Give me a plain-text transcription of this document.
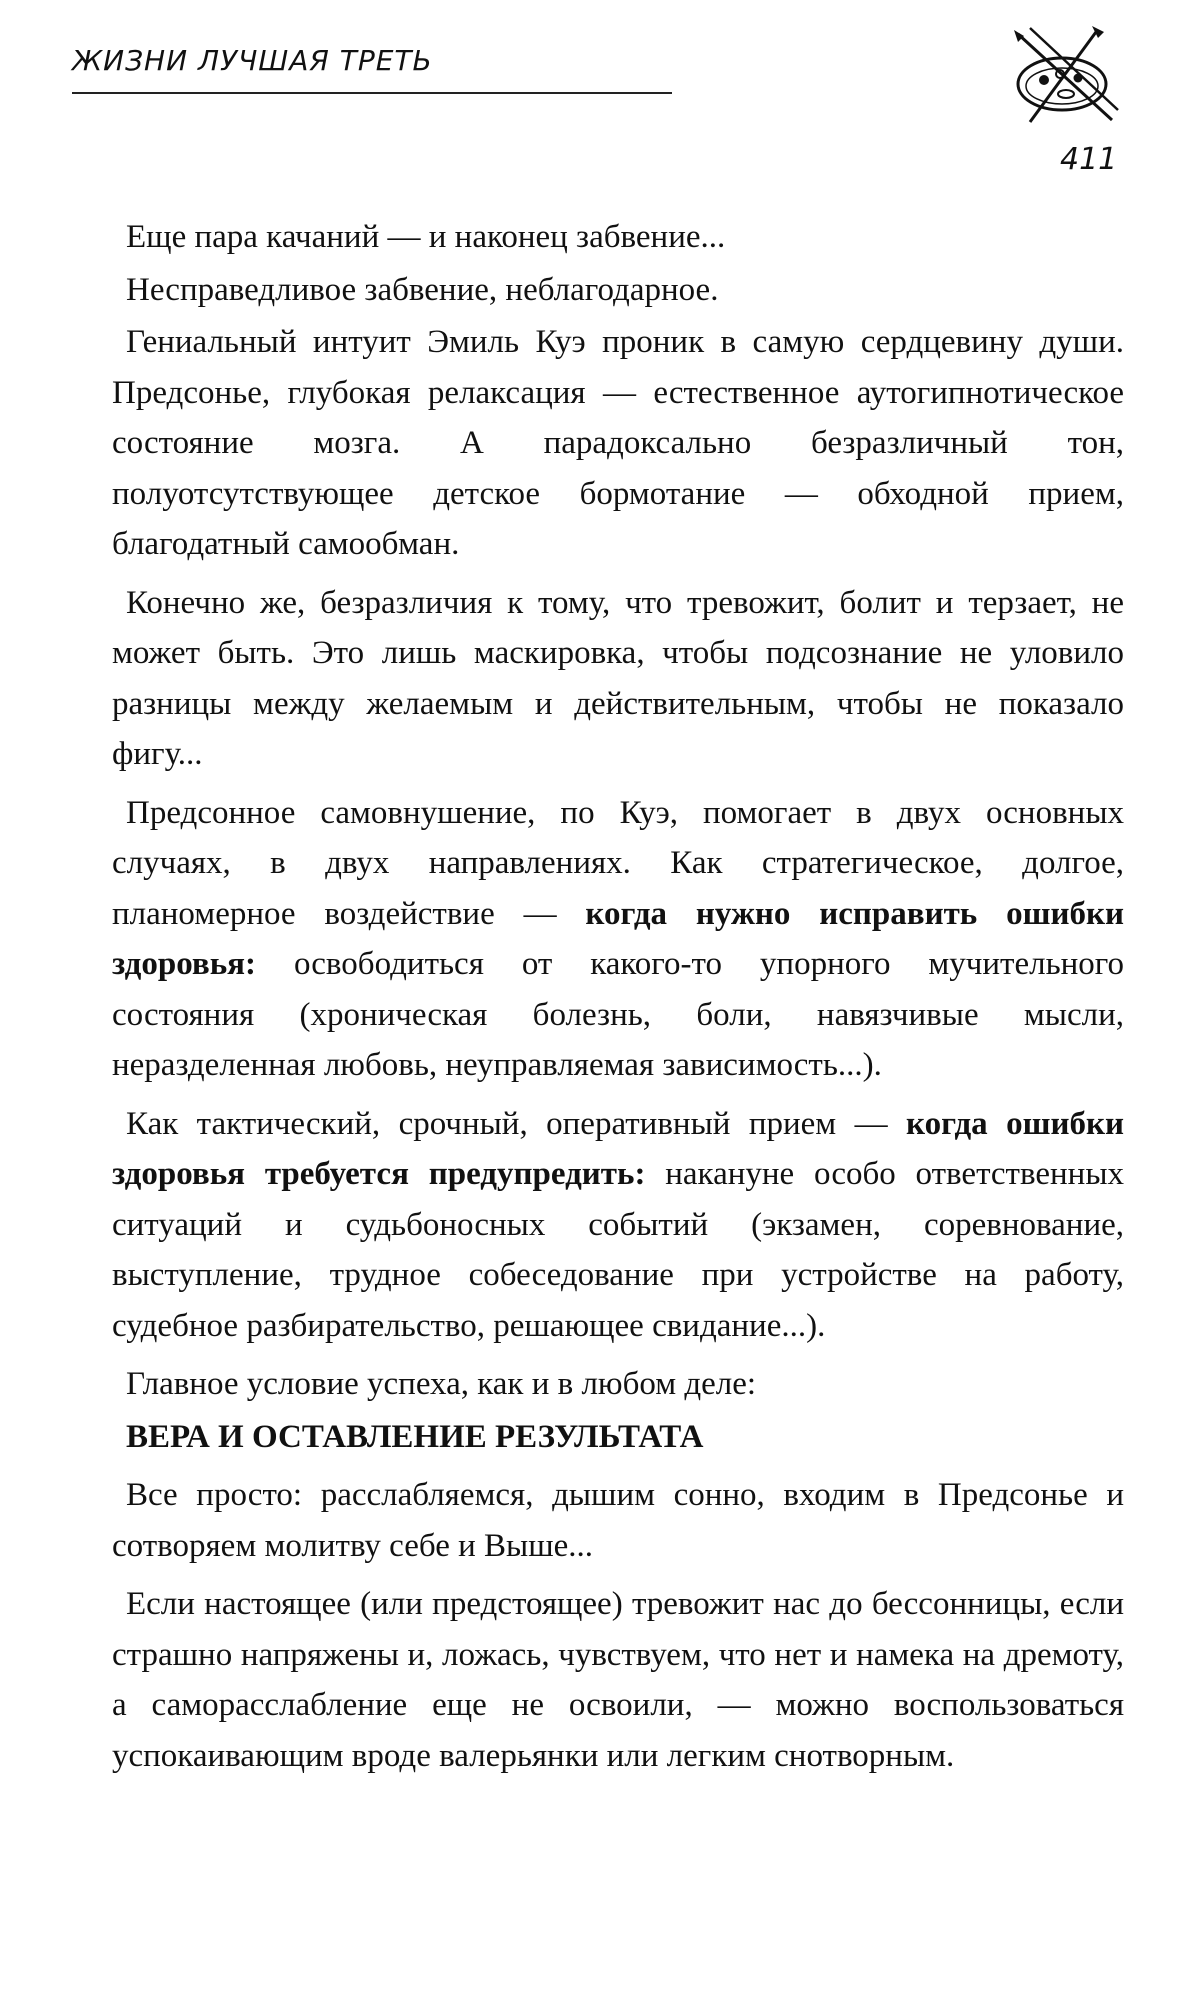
ЖИЗНИ ЛУЧШАЯ ТРЕТЬ
411

Еще пара качаний — и наконец забвение...

Несправедливое забвение, неблагодарное.

Гениальный интуит Эмиль Куэ проник в самую сердцевину души. Предсонье, глубокая релаксация — естественное аутогипнотическое состояние мозга. А парадоксально безразличный тон, полуотсутствующее детское бормотание — обходной прием, благодатный самообман.

Конечно же, безразличия к тому, что тревожит, болит и терзает, не может быть. Это лишь маскировка, чтобы подсознание не уловило разницы между желаемым и действительным, чтобы не показало фигу...

Предсонное самовнушение, по Куэ, помогает в двух основных случаях, в двух направлениях. Как стратегическое, долгое, планомерное воздействие — когда нужно исправить ошибки здоровья: освободиться от какого-то упорного мучительного состояния (хроническая болезнь, боли, навязчивые мысли, неразделенная любовь, неуправляемая зависимость...).

Как тактический, срочный, оперативный прием — когда ошибки здоровья требуется предупредить: накануне особо ответственных ситуаций и судьбоносных событий (экзамен, соревнование, выступление, трудное собеседование при устройстве на работу, судебное разбирательство, решающее свидание...).

Главное условие успеха, как и в любом деле:

ВЕРА И ОСТАВЛЕНИЕ РЕЗУЛЬТАТА

Все просто: расслабляемся, дышим сонно, входим в Предсонье и сотворяем молитву себе и Выше...

Если настоящее (или предстоящее) тревожит нас до бессонницы, если страшно напряжены и, ложась, чувствуем, что нет и намека на дремоту, а саморасслабление еще не освоили, — можно воспользоваться успокаивающим вроде валерьянки или легким снотворным.
